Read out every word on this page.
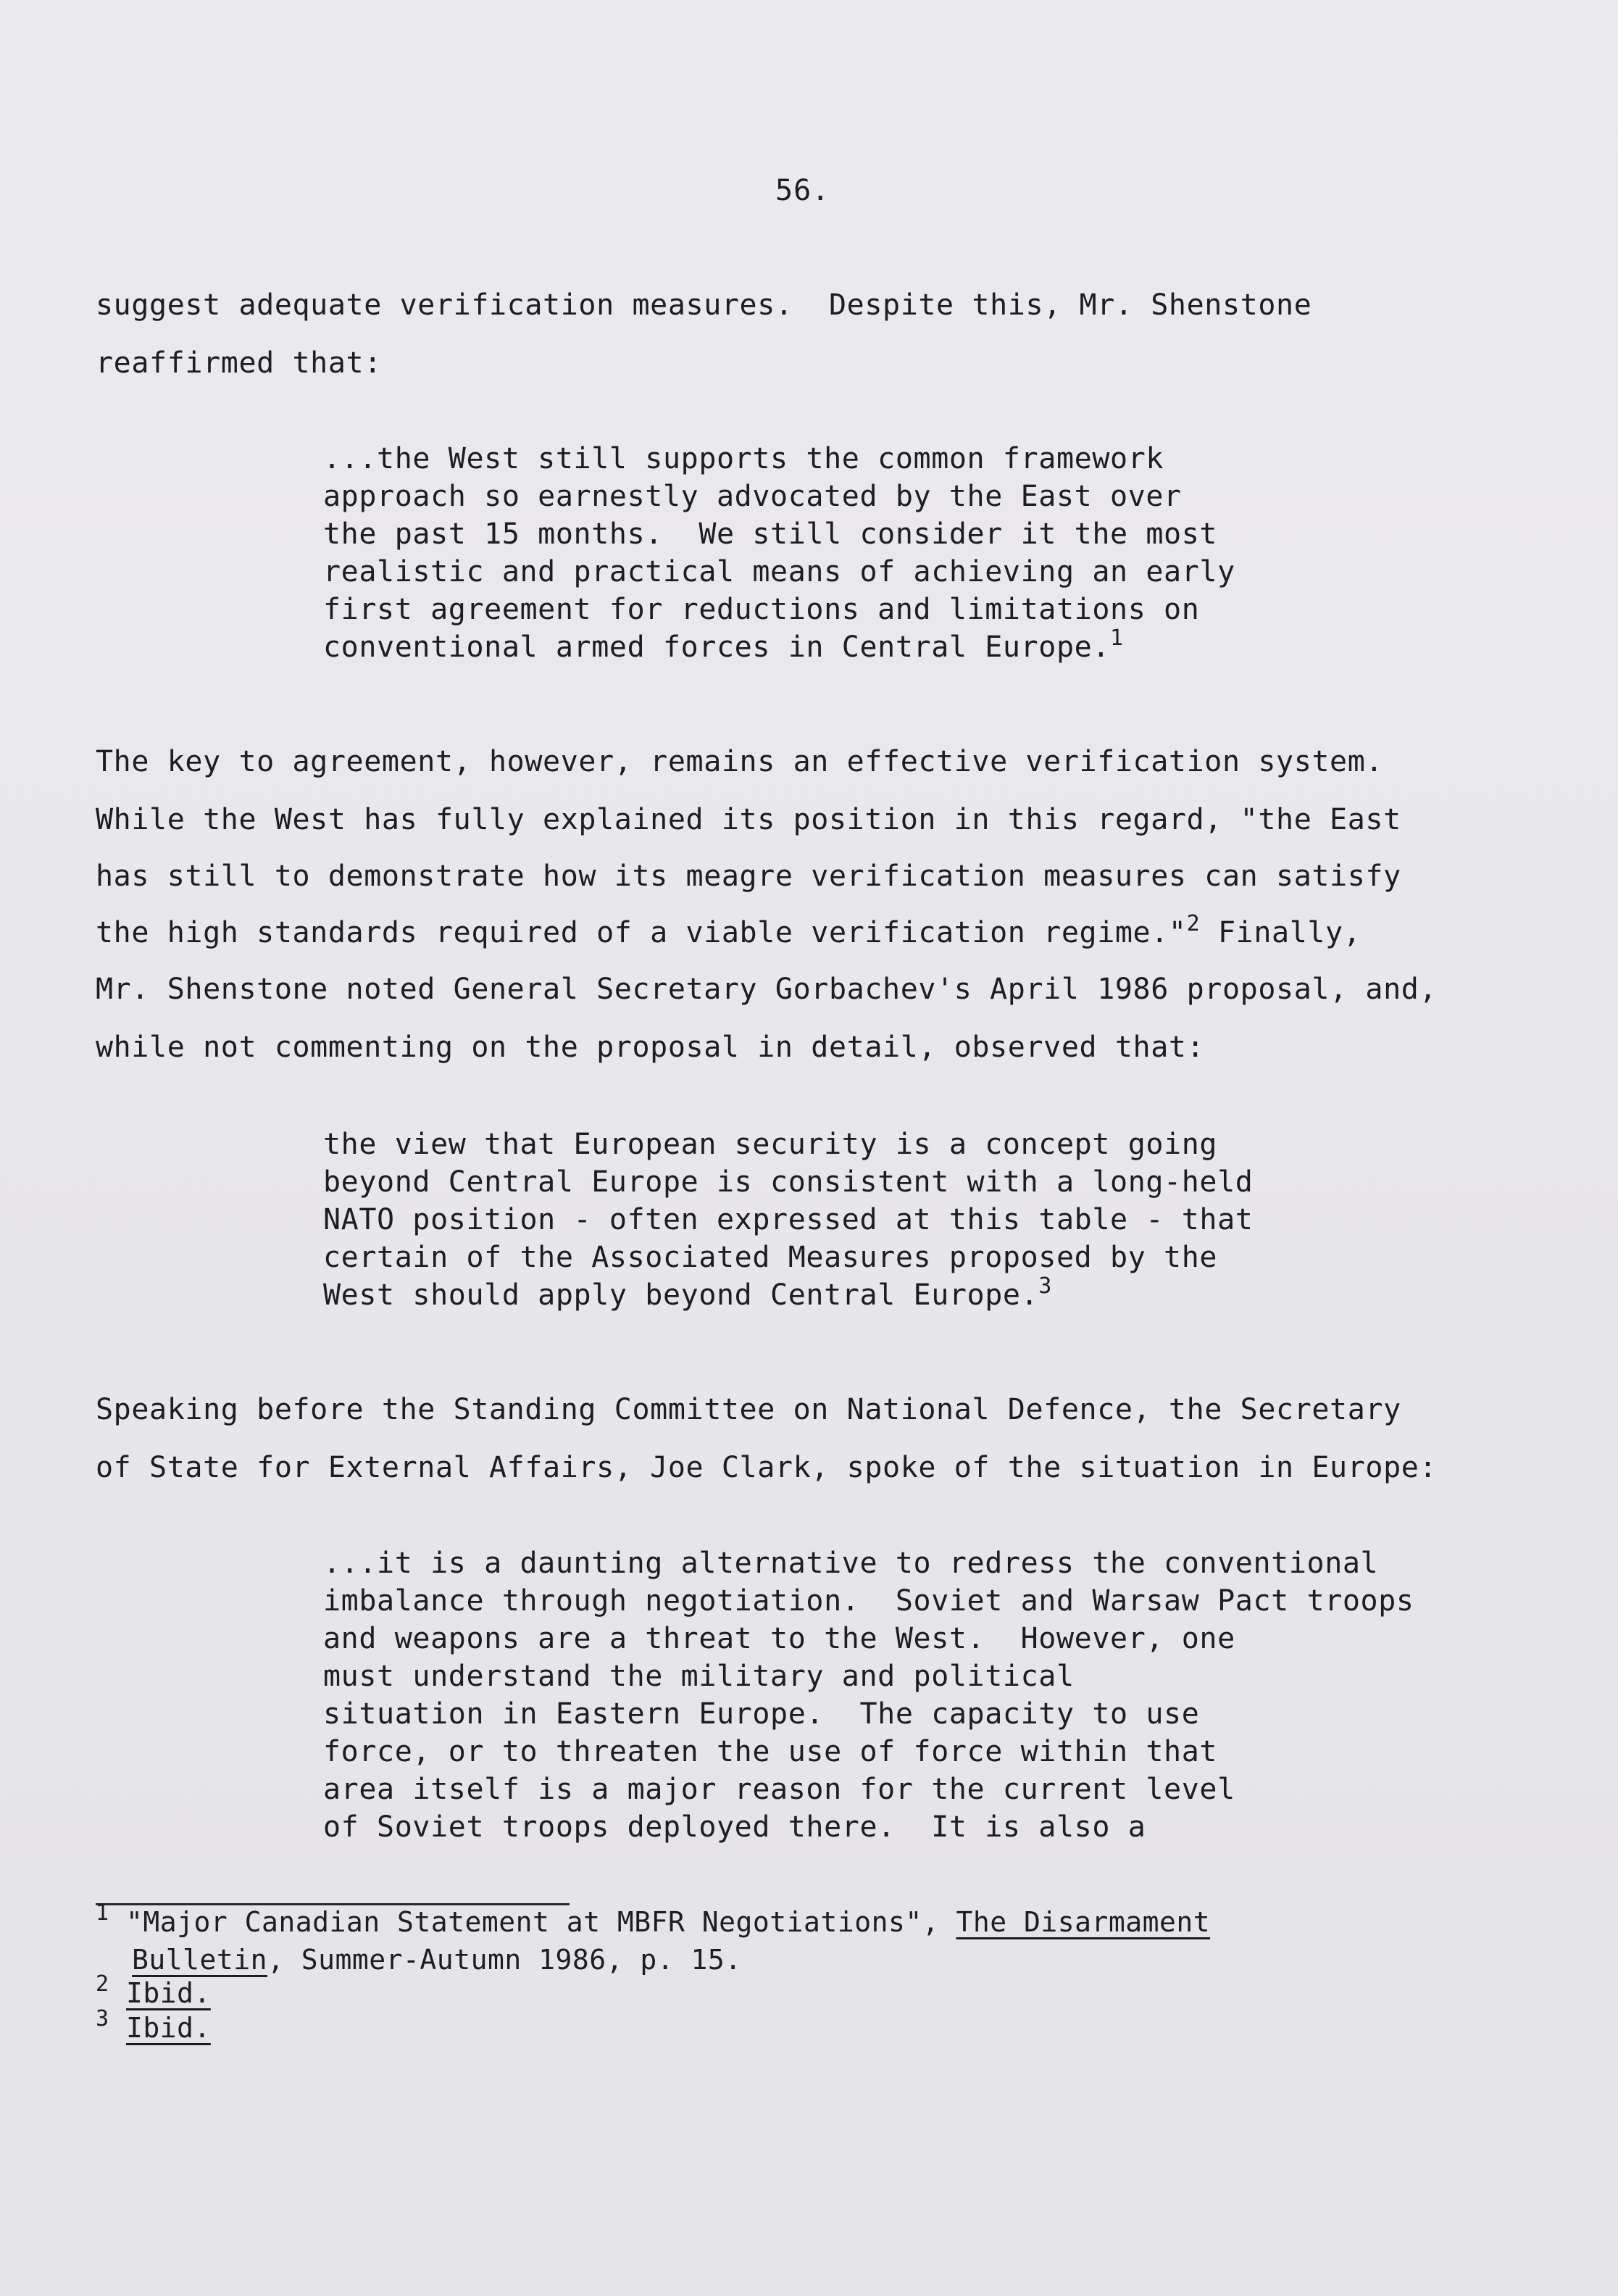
56.
suggest adequate verification measures.  Despite this, Mr. Shenstone
reaffirmed that:
...the West still supports the common framework
approach so earnestly advocated by the East over
the past 15 months.  We still consider it the most
realistic and practical means of achieving an early
first agreement for reductions and limitations on
conventional armed forces in Central Europe.$^1$
The key to agreement, however, remains an effective verification system.
While the West has fully explained its position in this regard, "the East
has still to demonstrate how its meagre verification measures can satisfy
the high standards required of a viable verification regime."$^2$ Finally,
Mr. Shenstone noted General Secretary Gorbachev's April 1986 proposal, and,
while not commenting on the proposal in detail, observed that:
the view that European security is a concept going
beyond Central Europe is consistent with a long-held
NATO position - often expressed at this table - that
certain of the Associated Measures proposed by the
West should apply beyond Central Europe.$^3$
Speaking before the Standing Committee on National Defence, the Secretary
of State for External Affairs, Joe Clark, spoke of the situation in Europe:
...it is a daunting alternative to redress the conventional
imbalance through negotiation.  Soviet and Warsaw Pact troops
and weapons are a threat to the West.  However, one
must understand the military and political
situation in Eastern Europe.  The capacity to use
force, or to threaten the use of force within that
area itself is a major reason for the current level
of Soviet troops deployed there.  It is also a
$^1$ "Major Canadian Statement at MBFR Negotiations", The Disarmament
Bulletin, Summer-Autumn 1986, p. 15.
$^2$ Ibid.
$^3$ Ibid.
